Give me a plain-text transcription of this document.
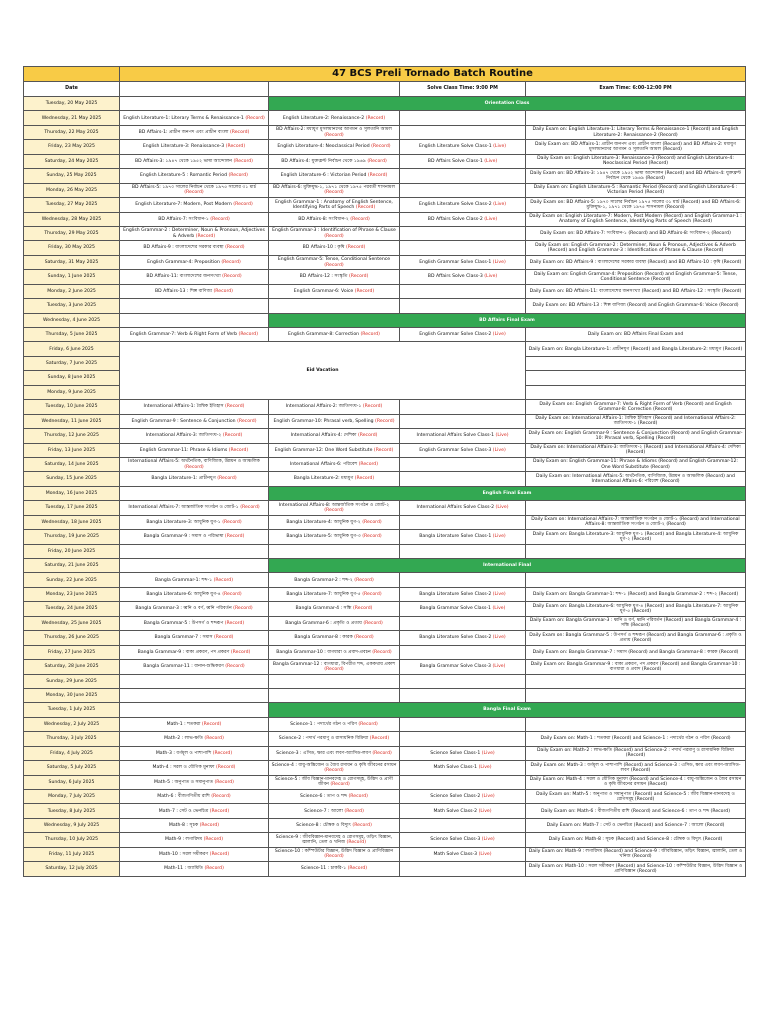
	47 BCS Preli Tornado Batch Routine			
Date			Solve Class Time: 9:00 PM	Exam Time: 6:00-12:00 PM
Tuesday, 20 May 2025		Orientation Class		
Wednesday, 21 May 2025	English Literature-1: Literary Terms & Renaissance-1 (Record)	English Literature-2: Renaissance-2 (Record)		
Thursday, 22 May 2025	BD Affairs-1: প্রাচীন জনপদ এবং প্রাচীন বাংলা (Record)	BD Affairs-2: মধ্যযুগ মুসলমানদের আগমন ও সুলতানি আমল (Record)		Daily Exam on: English Literature-1: Literary Terms & Renaissance-1 (Record) and English Literature-2: Renaissance-2 (Record)
Friday, 23 May 2025	English Literature-3: Renaissance-3 (Record)	English Literature-4: Neoclassical Period (Record)	English Literature Solve Class-1 (Live)	Daily Exam on: BD Affairs-1: প্রাচীন জনপদ এবং প্রাচীন বাংলা (Record) and BD Affairs-2: মধ্যযুগ মুসলমানদের আগমন ও সুলতানি আমল (Record)
Saturday, 24 May 2025	BD Affairs-3: ১৯৪৭ থেকে ১৯৫২ ভাষা আন্দোলন (Record)	BD Affairs-4: যুক্তফ্রন্ট নির্বাচন থেকে ১৯৬৯ (Record)	BD Affairs Solve Class-1 (Live)	Daily Exam on: English Literature-3: Renaissance-3 (Record) and English Literature-4: Neoclassical Period (Record)
Sunday, 25 May 2025	English Literature-5 : Romantic Period (Record)	English Literature-6 : Victorian Period (Record)		Daily Exam on: BD Affairs-3: ১৯৪৭ থেকে ১৯৫২ ভাষা আন্দোলন (Record) and BD Affairs-4: যুক্তফ্রন্ট নির্বাচন থেকে ১৯৬৯ (Record)
Monday, 26 May 2025	BD Affairs-5: ১৯৭০ সালের নির্বাচন থেকে ১৯৭৫ সালের ৩১ মার্চ (Record)	BD Affairs-6: মুক্তিযুদ্ধ-১, ১৯৭১ থেকে ১৯৭৫ পরবর্তী শাসনামল (Record)		Daily Exam on: English Literature-5 : Romantic Period (Record) and English Literature-6 : Victorian Period (Record)
Tuesday, 27 May 2025	English Literature-7: Modern, Post Modern (Record)	English Grammar-1 : Anatomy of English Sentence, Identifying Parts of Speech (Record)	English Literature Solve Class-2 (Live)	Daily Exam on: BD Affairs-5: ১৯৭০ সালের নির্বাচন ১৯৭৫ সালের ৩১ মার্চ (Record) and BD Affairs-6: মুক্তিযুদ্ধ-১, ১৯৭১ থেকে ১৯৭৫ শাসনামল (Record)
Wednesday, 28 May 2025	BD Affairs-7: সংবিধান-১ (Record)	BD Affairs-8: সংবিধান-২ (Record)	BD Affairs Solve Class-2 (Live)	Daily Exam on: English Literature-7: Modern, Post Modern (Record) and English Grammar-1 : Anatomy of English Sentence, Identifying Parts of Speech (Record)
Thursday, 29 May 2025	English Grammar-2 : Determiner, Noun & Pronoun, Adjectives & Adverb (Record)	English Grammar-3 : Identification of Phrase & Clause (Record)		Daily Exam on: BD Affairs-7: সংবিধান-১ (Record) and BD Affairs-8: সংবিধান-২ (Record)
Friday, 30 May 2025	BD Affairs-9 : বাংলাদেশের সরকার ব্যবস্থা (Record)	BD Affairs-10 : কৃষি (Record)		Daily Exam on: English Grammar-2 : Determiner, Noun & Pronoun, Adjectives & Adverb (Record) and English Grammar-3 : Identification of Phrase & Clause (Record)
Saturday, 31 May 2025	English Grammar-4: Preposition (Record)	English Grammar-5: Tense, Conditional Sentence (Record)	English Grammar Solve Class-1 (Live)	Daily Exam on: BD Affairs-9 : বাংলাদেশের সরকার ব্যবস্থা (Record) and BD Affairs-10 : কৃষি (Record)
Sunday, 1 June 2025	BD Affairs-11: বাংলাদেশের জনসংখ্যা (Record)	BD Affairs-12 : সংস্কৃতি (Record)	BD Affairs Solve Class-3 (Live)	Daily Exam on: English Grammar-4: Preposition (Record) and English Grammar-5: Tense, Conditional Sentence (Record)
Monday, 2 June 2025	BD Affairs-13 : শিল্প বাণিজ্য (Record)	English Grammar-6: Voice (Record)		Daily Exam on: BD Affairs-11: বাংলাদেশের জনসংখ্যা (Record) and BD Affairs-12 : সংস্কৃতি (Record)
Tuesday, 3 June 2025				Daily Exam on: BD Affairs-13 : শিল্প বাণিজ্য (Record) and English Grammar-6: Voice (Record)
Wednesday, 4 June 2025		BD Affairs Final Exam		
Thursday, 5 June 2025	English Grammar-7: Verb & Right Form of Verb (Record)	English Grammar-8: Correction (Record)	English Grammar Solve Class-2 (Live)	Daily Exam on: BD Affairs Final Exam and
Friday, 6 June 2025	Eid Vacation			Daily Exam on: Bangla Literature-1: প্রাচীনযুগ (Record) and Bangla Literature-2: মধ্যযুগ (Record)
Saturday, 7 June 2025				
Sunday, 8 June 2025				
Monday, 9 June 2025				
Tuesday, 10 June 2025	International Affairs-1: বৈশ্বিক ইতিহাস (Record)	International Affairs-2: জাতিসংঘ-১ (Record)		Daily Exam on: English Grammar-7: Verb & Right Form of Verb (Record) and English Grammar-8: Correction (Record)
Wednesday, 11 June 2025	English Grammar-9 : Sentence & Conjunction (Record)	English Grammar-10: Phrasal verb, Spelling (Record)		Daily Exam on: International Affairs-1: বৈশ্বিক ইতিহাস (Record) and International Affairs-2: জাতিসংঘ-১ (Record)
Thursday, 12 June 2025	International Affairs-3: জাতিসংঘ-২ (Record)	International Affairs-4: দেশিকা (Record)	International Affairs Solve Class-1 (Live)	Daily Exam on: English Grammar-9 : Sentence & Conjunction (Record) and English Grammar-10: Phrasal verb, Spelling (Record)
Friday, 13 June 2025	English Grammar-11: Phrase & Idioms (Record)	English Grammar-12: One Word Substitute (Record)	English Grammar Solve Class-3 (Live)	Daily Exam on: International Affairs-3: জাতিসংঘ-২ (Record) and International Affairs-4: দেশিকা (Record)
Saturday, 14 June 2025	International Affairs-5: অর্থনৈতিক, বাণিজ্যিক, উন্নয়ন ও আঞ্চলিক (Record)	International Affairs-6: পরিবেশ (Record)		Daily Exam on: English Grammar-11: Phrase & Idioms (Record) and English Grammar-12: One Word Substitute (Record)
Sunday, 15 June 2025	Bangla Literature-1: প্রাচীনযুগ (Record)	Bangla Literature-2: মধ্যযুগ (Record)		Daily Exam on: International Affairs-5: অর্থনৈতিক, বাণিজ্যিক, উন্নয়ন ও আঞ্চলিক (Record) and International Affairs-6: পরিবেশ (Record)
Monday, 16 June 2025		English Final Exam		
Tuesday, 17 June 2025	International Affairs-7: আন্তর্জাতিক সংগঠন ও জোট-১ (Record)	International Affairs-8: আন্তর্জাতিক সংগঠন ও জোট-২ (Record)	International Affairs Solve Class-2 (Live)	
Wednesday, 18 June 2025	Bangla Literature-3: আধুনিক যুগ-১ (Record)	Bangla Literature-4: আধুনিক যুগ-২ (Record)		Daily Exam on: International Affairs-7: আন্তর্জাতিক সংগঠন ও জোট-১ (Record) and International Affairs-8: আন্তর্জাতিক সংগঠন ও জোট-২ (Record)
Thursday, 19 June 2025	Bangla Grammar-9 : সমাস ও পরিভাষা (Record)	Bangla Literature-5: আধুনিক যুগ-৩ (Record)	Bangla Literature Solve Class-1 (Live)	Daily Exam on: Bangla Literature-3: আধুনিক যুগ-১ (Record) and Bangla Literature-4: আধুনিক যুগ-২ (Record)
Friday, 20 June 2025				
Saturday, 21 June 2025		International Final		
Sunday, 22 June 2025	Bangla Grammar-1: শব্দ-১ (Record)	Bangla Grammar-2 : শব্দ-২ (Record)		
Monday, 23 June 2025	Bangla Literature-6: আধুনিক যুগ-৪ (Record)	Bangla Literature-7: আধুনিক যুগ-৫ (Record)	Bangla Literature Solve Class-2 (Live)	Daily Exam on: Bangla Grammar-1: শব্দ-১ (Record) and Bangla Grammar-2 : শব্দ-২ (Record)
Tuesday, 24 June 2025	Bangla Grammar-3 : ধ্বনি ও বর্ণ, ধ্বনি পরিবর্তন (Record)	Bangla Grammar-4 : সন্ধি (Record)	Bangla Grammar Solve Class-1 (Live)	Daily Exam on: Bangla Literature-6: আধুনিক যুগ-৪ (Record) and Bangla Literature-7: আধুনিক যুগ-৫ (Record)
Wednesday, 25 June 2025	Bangla Grammar-5 : উপসর্গ ও শব্দরূপ (Record)	Bangla Grammar-6 : প্রকৃতি ও প্রত্যয় (Record)		Daily Exam on: Bangla Grammar-3 : ধ্বনি ও বর্ণ, ধ্বনি পরিবর্তন (Record) and Bangla Grammar-4 : সন্ধি (Record)
Thursday, 26 June 2025	Bangla Grammar-7 : সমাস (Record)	Bangla Grammar-8 : কারক (Record)	Bangla Literature Solve Class-2 (Live)	Daily Exam on: Bangla Grammar-5 : উপসর্গ ও শব্দরূপ (Record) and Bangla Grammar-6 : প্রকৃতি ও প্রত্যয় (Record)
Friday, 27 June 2025	Bangla Grammar-9 : বাক্য প্রকরণ, পদ প্রকরণ (Record)	Bangla Grammar-10 : বাগধারা ও প্রবাদ-প্রবচন (Record)		Daily Exam on: Bangla Grammar-7 : সমাস (Record) and Bangla Grammar-8 : কারক (Record)
Saturday, 28 June 2025	Bangla Grammar-11 : বানান-শুদ্ধিকরণ (Record)	Bangla Grammar-12 : বাগধারা, বিপরীত শব্দ, এককথায় প্রকাশ (Record)	Bangla Grammar Solve Class-3 (Live)	Daily Exam on: Bangla Grammar-9 : বাক্য প্রকরণ, পদ প্রকরণ (Record) and Bangla Grammar-10 : বাগধারা ও প্রবাদ (Record)
Sunday, 29 June 2025				
Monday, 30 June 2025				
Tuesday, 1 July 2025		Bangla Final Exam		
Wednesday, 2 July 2025	Math-1 : শতকরা (Record)	Science-1 : পদার্থের গঠন ও পরিণ (Record)		
Thursday, 3 July 2025	Math-2 : লাভ-ক্ষতি (Record)	Science-2 : পদার্থ পরমাণু ও রাসায়নিক বিক্রিয়া (Record)		Daily Exam on: Math-1 : শতকরা (Record) and Science-1 : পদার্থের গঠন ও পরিণ (Record)
Friday, 4 July 2025	Math-3 : বর্গমূল ও পাশাপাশি (Record)	Science-3 : এসিড, ক্ষার এবং লবণ-অ্যাসিড-লবণ (Record)	Science Solve Class-1 (Live)	Daily Exam on: Math-2 : লাভ-ক্ষতি (Record) and Science-2 : পদার্থ পরমাণু ও রাসায়নিক বিক্রিয়া (Record)
Saturday, 5 July 2025	Math-4 : সরল ও যৌগিক মুনাফা (Record)	Science-4 : বায়ু-অক্সিজেন ও জৈব রসায়ন ও কৃষি জীবনের রসায়ন (Record)	Math Solve Class-1 (Live)	Daily Exam on: Math-3 : বর্গমূল ও পাশাপাশি (Record) and Science-3 : এসিড, ক্ষার এবং লবণ-অ্যাসিড-লবণ (Record)
Sunday, 6 July 2025	Math-5 : অনুপাত ও সমানুপাত (Record)	Science-5 : জীব বিজ্ঞান-মানবদেহ ও রোগসমূহ, উদ্ভিদ ও প্রাণী জীবন (Record)		Daily Exam on: Math-4 : সরল ও যৌগিক মুনাফা (Record) and Science-4 : বায়ু-অক্সিজেন ও জৈব রসায়ন ও কৃষি জীবনের রসায়ন (Record)
Monday, 7 July 2025	Math-6 : বীজগণিতীয় রাশি (Record)	Science-6 : তাপ ও শব্দ (Record)	Science Solve Class-2 (Live)	Daily Exam on: Math-5 : অনুপাত ও সমানুপাত (Record) and Science-5 : জীব বিজ্ঞান-মানবদেহ ও রোগসমূহ (Record)
Tuesday, 8 July 2025	Math-7 : সেট ও ভেনচিত্র (Record)	Science-7 : আলো (Record)	Math Solve Class-2 (Live)	Daily Exam on: Math-6 : বীজগণিতীয় রাশি (Record) and Science-6 : তাপ ও শব্দ (Record)
Wednesday, 9 July 2025	Math-8 : সূচক (Record)	Science-8 : চৌম্বক ও বিদ্যুৎ (Record)		Daily Exam on: Math-7 : সেট ও ভেনচিত্র (Record) and Science-7 : আলো (Record)
Thursday, 10 July 2025	Math-9 : লগারিদম (Record)	Science-9 : জীববিজ্ঞান-মানবদেহ ও রোগসমূহ, তড়িৎ বিজ্ঞান, জ্বালানি, তেল ও খনিজ (Record)	Science Solve Class-3 (Live)	Daily Exam on: Math-8 : সূচক (Record) and Science-8 : চৌম্বক ও বিদ্যুৎ (Record)
Friday, 11 July 2025	Math-10 : সরল সমীকরণ (Record)	Science-10 : কম্পিউটার বিজ্ঞান, উদ্ভিদ বিজ্ঞান ও প্রাণিবিজ্ঞান (Record)	Math Solve Class-3 (Live)	Daily Exam on: Math-9 : লগারিদম (Record) and Science-9 : জীববিজ্ঞান, তড়িৎ বিজ্ঞান, জ্বালানি, তেল ও খনিজ (Record)
Saturday, 12 July 2025	Math-11 : জ্যামিতি (Record)	Science-11 : চাকরি-১ (Record)		Daily Exam on: Math-10 : সরল সমীকরণ (Record) and Science-10 : কম্পিউটার বিজ্ঞান, উদ্ভিদ বিজ্ঞান ও প্রাণিবিজ্ঞান (Record)
